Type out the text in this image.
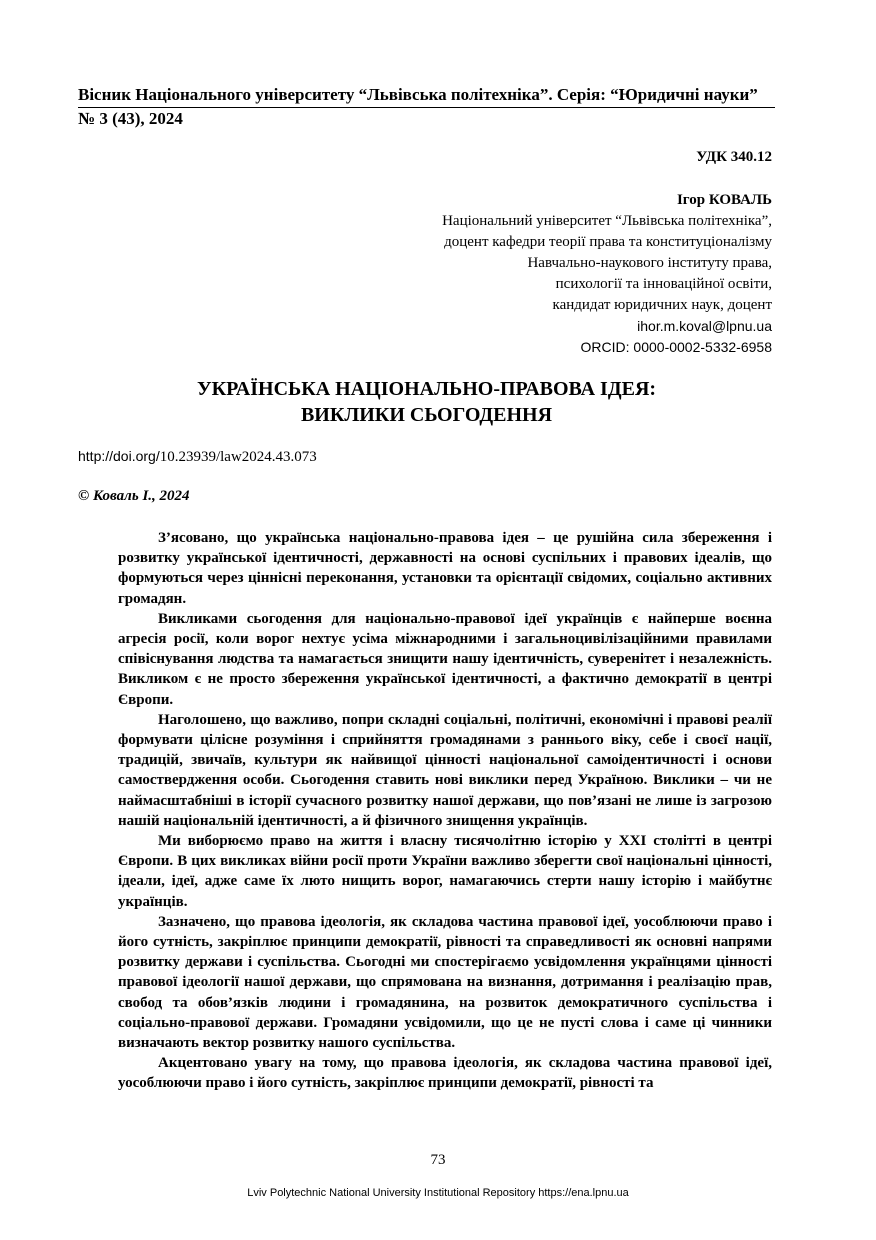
Вісник Національного університету “Львівська політехніка”. Серія: “Юридичні науки”
№ 3 (43), 2024
УДК 340.12
Ігор КОВАЛЬ
Національний університет “Львівська політехніка”,
доцент кафедри теорії права та конституціоналізму
Навчально-наукового інституту права,
психології та інноваційної освіти,
кандидат юридичних наук, доцент
ihor.m.koval@lpnu.ua
ORCID: 0000-0002-5332-6958
УКРАЇНСЬКА НАЦІОНАЛЬНО-ПРАВОВА ІДЕЯ:
ВИКЛИКИ СЬОГОДЕННЯ
http://doi.org/10.23939/law2024.43.073
© Коваль І., 2024

З’ясовано, що українська національно-правова ідея – це рушійна сила збереження і розвитку української ідентичності, державності на основі суспільних і правових ідеалів, що формуються через ціннісні переконання, установки та орієнтації свідомих, соціально активних громадян.

Викликами сьогодення для національно-правової ідеї українців є найперше воєнна агресія росії, коли ворог нехтує усіма міжнародними і загальноцивілізаційними правилами співіснування людства та намагається знищити нашу ідентичність, суверенітет і незалежність. Викликом є не просто збереження української ідентичності, а фактично демократії в центрі Європи.

Наголошено, що важливо, попри складні соціальні, політичні, економічні і правові реалії формувати цілісне розуміння і сприйняття громадянами з раннього віку, себе і своєї нації, традицій, звичаїв, культури як найвищої цінності національної самоідентичності і основи самоствердження особи. Сьогодення ставить нові виклики перед Україною. Виклики – чи не наймасштабніші в історії сучасного розвитку нашої держави, що пов’язані не лише із загрозою нашій національній ідентичності, а й фізичного знищення українців.

Ми виборюємо право на життя і власну тисячолітню історію у XXI столітті в центрі Європи. В цих викликах війни росії проти України важливо зберегти свої національні цінності, ідеали, ідеї, адже саме їх люто нищить ворог, намагаючись стерти нашу історію і майбутнє українців.

Зазначено, що правова ідеологія, як складова частина правової ідеї, уособлюючи право і його сутність, закріплює принципи демократії, рівності та справедливості як основні напрями розвитку держави і суспільства. Сьогодні ми спостерігаємо усвідомлення українцями цінності правової ідеології нашої держави, що спрямована на визнання, дотримання і реалізацію прав, свобод та обов’язків людини і громадянина, на розвиток демократичного суспільства і соціально-правової держави. Громадяни усвідомили, що це не пусті слова і саме ці чинники визначають вектор розвитку нашого суспільства.

Акцентовано увагу на тому, що правова ідеологія, як складова частина правової ідеї, уособлюючи право і його сутність, закріплює принципи демократії, рівності та

73
Lviv Polytechnic National University Institutional Repository https://ena.lpnu.ua
